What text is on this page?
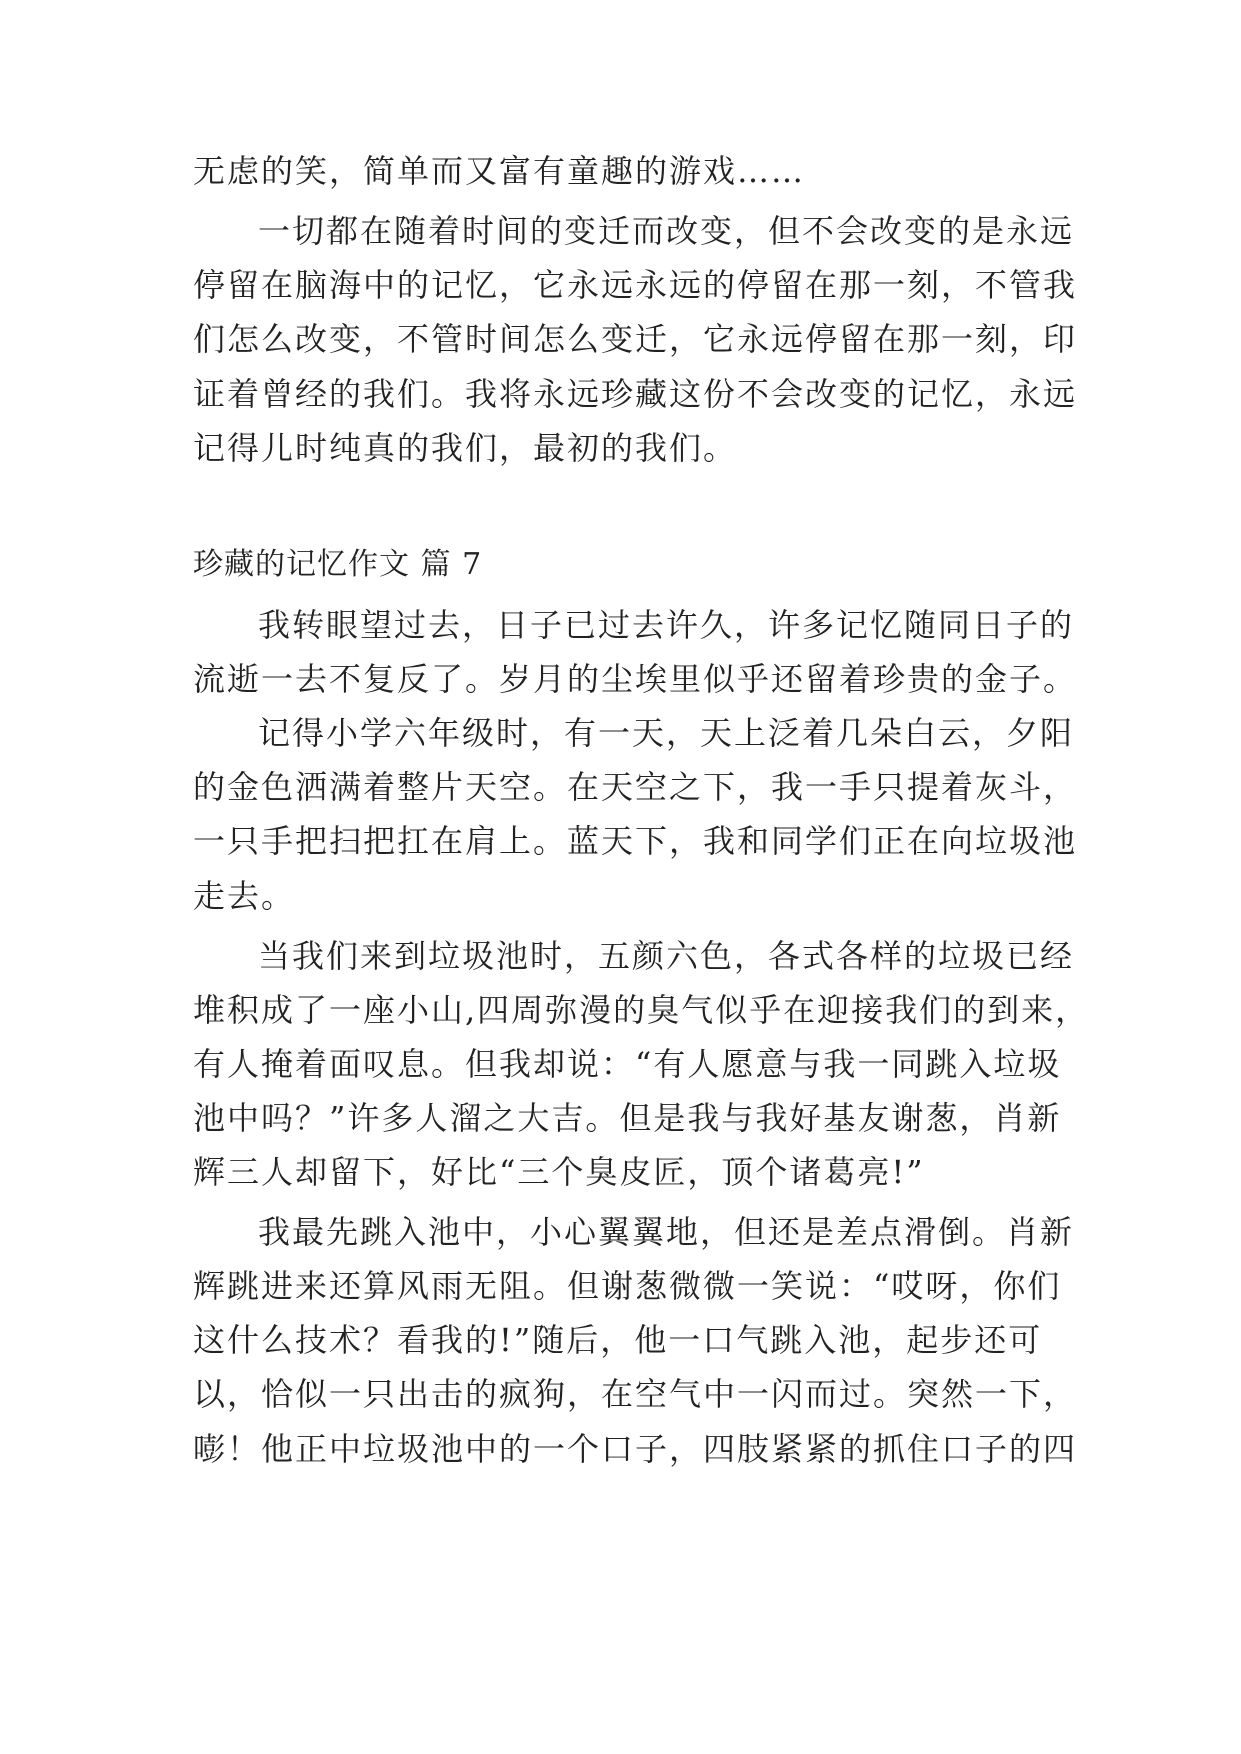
无虑的笑，简单而又富有童趣的游戏……
一切都在随着时间的变迁而改变，但不会改变的是永远
停留在脑海中的记忆，它永远永远的停留在那一刻，不管我
们怎么改变，不管时间怎么变迁，它永远停留在那一刻，印
证着曾经的我们。我将永远珍藏这份不会改变的记忆，永远
记得儿时纯真的我们，最初的我们。
珍藏的记忆作文 篇 7
我转眼望过去，日子已过去许久，许多记忆随同日子的
流逝一去不复反了。岁月的尘埃里似乎还留着珍贵的金子。
记得小学六年级时，有一天，天上泛着几朵白云，夕阳
的金色洒满着整片天空。在天空之下，我一手只提着灰斗，
一只手把扫把扛在肩上。蓝天下，我和同学们正在向垃圾池
走去。
当我们来到垃圾池时，五颜六色，各式各样的垃圾已经
堆积成了一座小山,四周弥漫的臭气似乎在迎接我们的到来，
有人掩着面叹息。但我却说：“有人愿意与我一同跳入垃圾
池中吗？”许多人溜之大吉。但是我与我好基友谢葱，肖新
辉三人却留下，好比“三个臭皮匠，顶个诸葛亮!”
我最先跳入池中，小心翼翼地，但还是差点滑倒。肖新
辉跳进来还算风雨无阻。但谢葱微微一笑说：“哎呀，你们
这什么技术？看我的!”随后，他一口气跳入池，起步还可
以，恰似一只出击的疯狗，在空气中一闪而过。突然一下，
嘭！他正中垃圾池中的一个口子，四肢紧紧的抓住口子的四
